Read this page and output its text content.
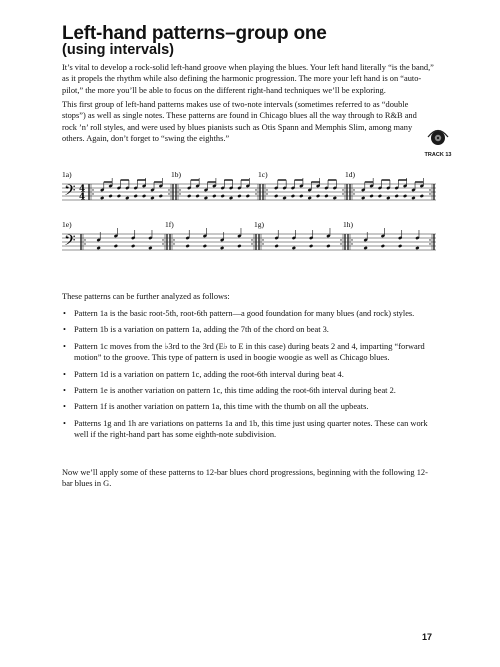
Left-hand patterns–group one
(using intervals)

It’s vital to develop a rock-solid left-hand groove when playing the blues. Your left hand literally “is the band,” as it propels the rhythm while also defining the harmonic progression. The more your left hand is on “auto-pilot,” the more you’ll be able to focus on the different right-hand techniques we’ll be exploring.

This first group of left-hand patterns makes use of two-note intervals (sometimes referred to as “double stops”) as well as single notes. These patterns are found in Chicago blues all the way through to R&B and rock ’n’ roll styles, and were used by blues pianists such as Otis Spann and Memphis Slim, among many others. Again, don’t forget to “swing the eighths.”

TRACK 13
𝄢 4
4
1a)	1b)	1c)	1d)
𝄢
1e)	1f)	1g)	1h)
These patterns can be further analyzed as follows:
• Pattern 1a is the basic root-5th, root-6th pattern—a good foundation for many blues (and rock) styles.
• Pattern 1b is a variation on pattern 1a, adding the 7th of the chord on beat 3.
• Pattern 1c moves from the ♭3rd to the 3rd (E♭ to E in this case) during beats 2 and 4, imparting “forward motion” to the groove. This type of pattern is used in boogie woogie as well as Chicago blues.
• Pattern 1d is a variation on pattern 1c, adding the root-6th interval during beat 4.
• Pattern 1e is another variation on pattern 1c, this time adding the root-6th interval during beat 2.
• Pattern 1f is another variation on pattern 1a, this time with the thumb on all the upbeats.
• Patterns 1g and 1h are variations on patterns 1a and 1b, this time just using quarter notes. These can work well if the right-hand part has some eighth-note subdivision.

Now we’ll apply some of these patterns to 12-bar blues chord progressions, beginning with the following 12-bar blues in G.

17
